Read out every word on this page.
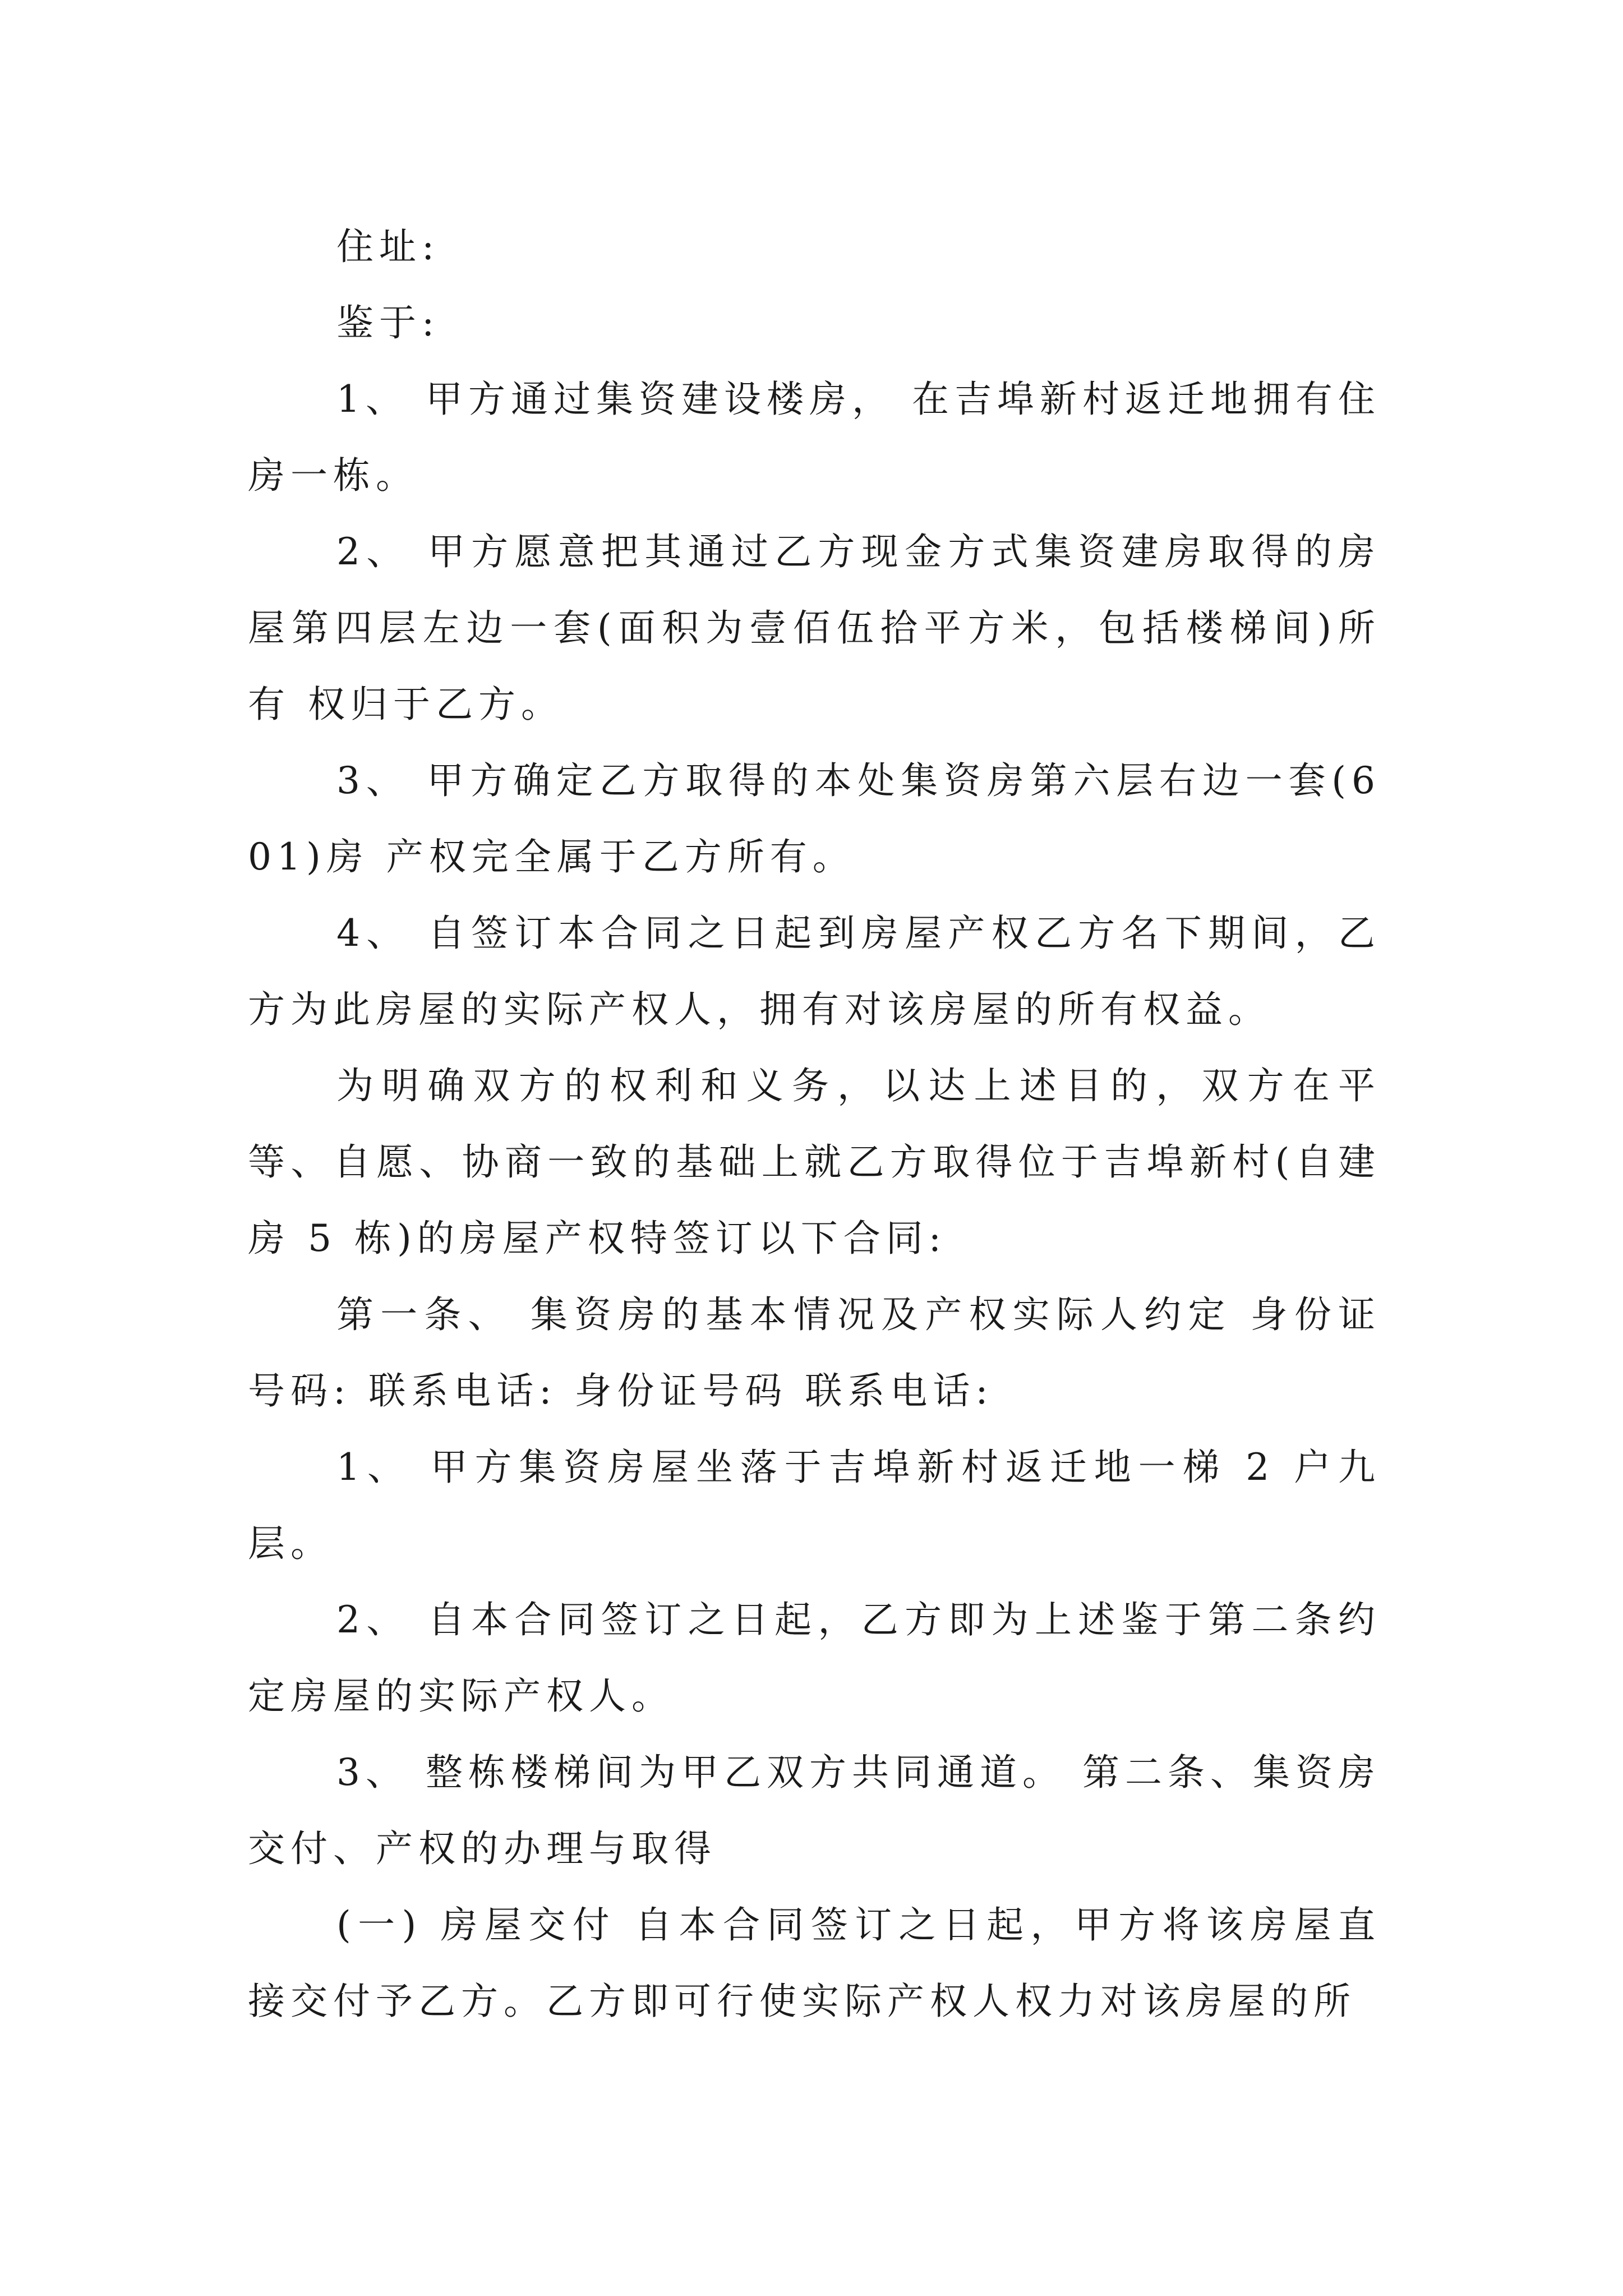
住址:

鉴于:

1、 甲方通过集资建设楼房， 在吉埠新村返迁地拥有住房一栋。

2、 甲方愿意把其通过乙方现金方式集资建房取得的房屋第四层左边一套(面积为壹佰伍拾平方米，包括楼梯间)所有 权归于乙方。

3、 甲方确定乙方取得的本处集资房第六层右边一套(601)房 产权完全属于乙方所有。

4、 自签订本合同之日起到房屋产权乙方名下期间，乙方为此房屋的实际产权人，拥有对该房屋的所有权益。

为明确双方的权利和义务，以达上述目的，双方在平等、自愿、协商一致的基础上就乙方取得位于吉埠新村(自建 房 5 栋)的房屋产权特签订以下合同:

第一条、 集资房的基本情况及产权实际人约定 身份证号码: 联系电话: 身份证号码 联系电话:

1、 甲方集资房屋坐落于吉埠新村返迁地一梯 2 户九层。

2、 自本合同签订之日起，乙方即为上述鉴于第二条约定房屋的实际产权人。

3、 整栋楼梯间为甲乙双方共同通道。 第二条、集资房交付、产权的办理与取得

(一) 房屋交付 自本合同签订之日起，甲方将该房屋直接交付予乙方。乙方即可行使实际产权人权力对该房屋的所
